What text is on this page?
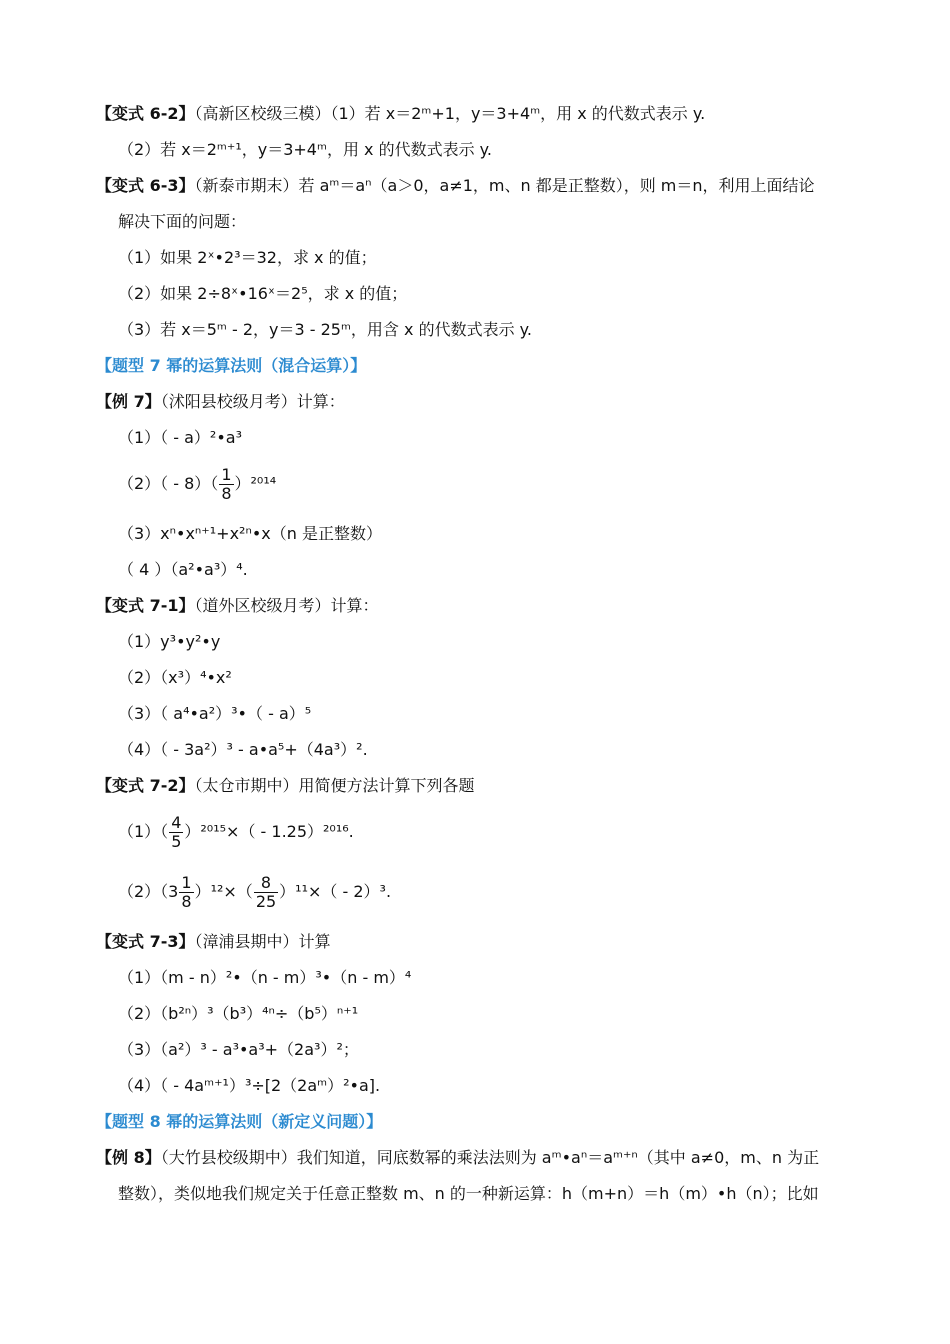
【变式 6-2】（高新区校级三模）（1）若 x＝2ᵐ+1，y＝3+4ᵐ，用 x 的代数式表示 y.
（2）若 x＝2ᵐ⁺¹，y＝3+4ᵐ，用 x 的代数式表示 y.
【变式 6-3】（新泰市期末）若 aᵐ＝aⁿ（a＞0，a≠1，m、n 都是正整数），则 m＝n，利用上面结论
解决下面的问题：
（1）如果 2ˣ•2³＝32，求 x 的值；
（2）如果 2÷8ˣ•16ˣ＝2⁵，求 x 的值；
（3）若 x＝5ᵐ - 2，y＝3 - 25ᵐ，用含 x 的代数式表示 y.
【题型 7 幂的运算法则（混合运算）】
【例 7】（沭阳县校级月考）计算：
（1）（ - a）²•a³
$(2)( - 8)( \frac{1}{8} )^{2014}$
（3）xⁿ•xⁿ⁺¹+x²ⁿ•x（n 是正整数）
（ 4 ）（a²•a³）⁴.
【变式 7-1】（道外区校级月考）计算：
（1）y³•y²•y
（2）（x³）⁴•x²
（3）（ a⁴•a²）³•（ - a）⁵
（4）（ - 3a²）³ - a•a⁵+（4a³）².
【变式 7-2】（太仓市期中）用简便方法计算下列各题
$(1)( \frac{4}{5} )^{2015}\times( - 1.25)^{2016}$.
$(2)(3 \frac{1}{8} )^{12}\times( \frac{8}{25} )^{11}\times( - 2)^3$.
【变式 7-3】（漳浦县期中）计算
（1）（m - n）²•（n - m）³•（n - m）⁴
（2）（b²ⁿ）³（b³）⁴ⁿ÷（b⁵）ⁿ⁺¹
（3）（a²）³ - a³•a³+（2a³）²；
（4）（ - 4aᵐ⁺¹）³÷[2（2aᵐ）²•a].
【题型 8 幂的运算法则（新定义问题）】
【例 8】（大竹县校级期中）我们知道，同底数幂的乘法法则为 aᵐ•aⁿ＝aᵐ⁺ⁿ（其中 a≠0，m、n 为正
整数），类似地我们规定关于任意正整数 m、n 的一种新运算：h（m+n）＝h（m）•h（n）；比如
